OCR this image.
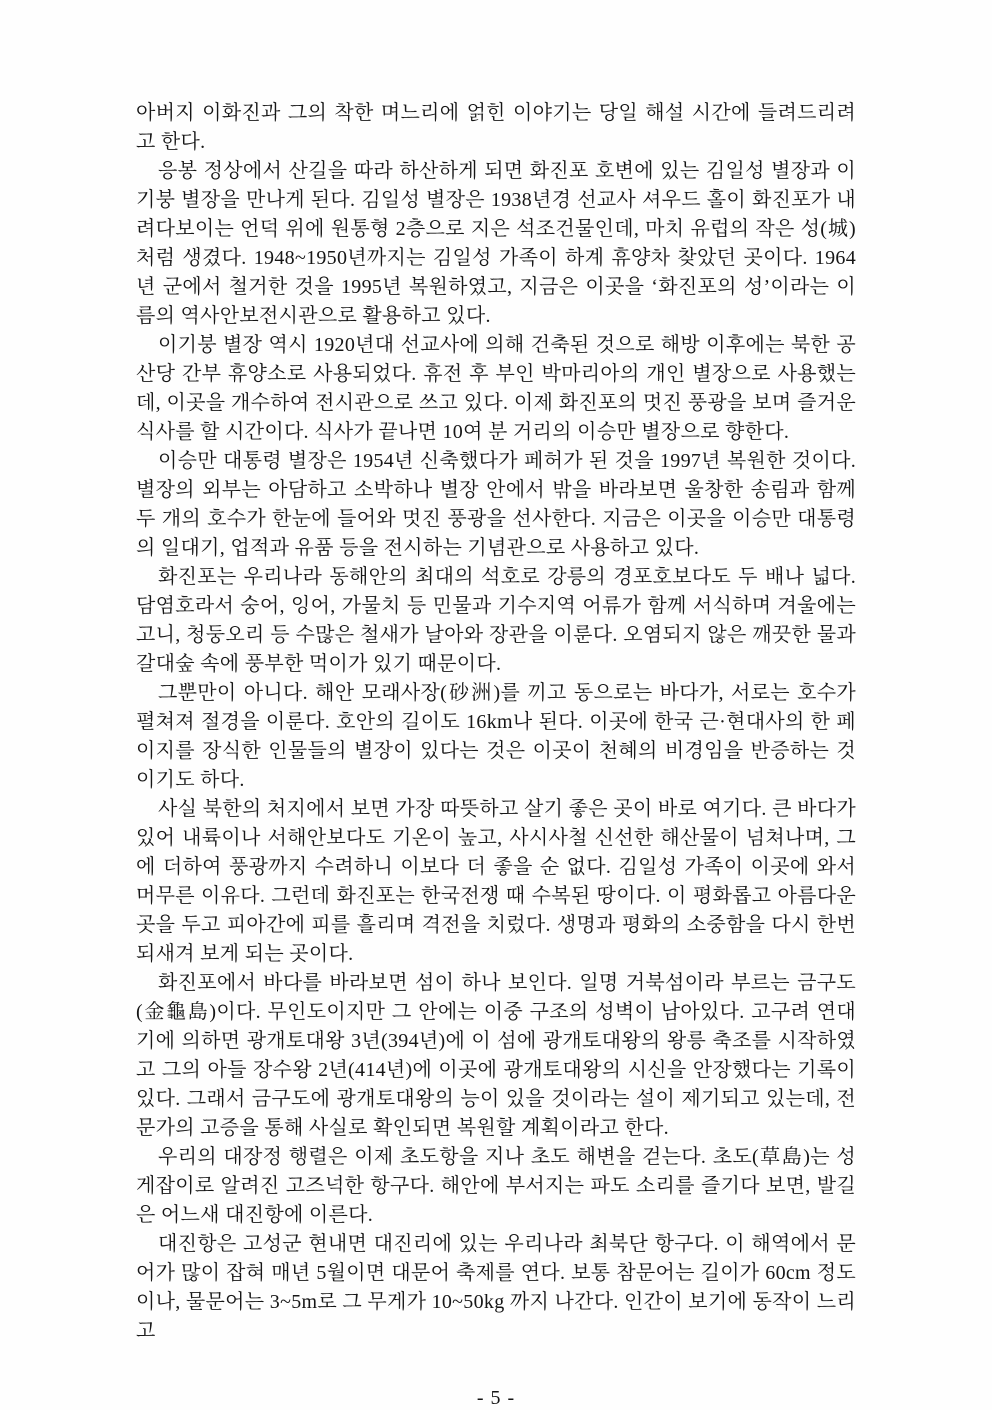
아버지 이화진과 그의 착한 며느리에 얽힌 이야기는 당일 해설 시간에 들려드리려고 한다.

응봉 정상에서 산길을 따라 하산하게 되면 화진포 호변에 있는 김일성 별장과 이기붕 별장을 만나게 된다. 김일성 별장은 1938년경 선교사 셔우드 홀이 화진포가 내려다보이는 언덕 위에 원통형 2층으로 지은 석조건물인데, 마치 유럽의 작은 성(城)처럼 생겼다. 1948~1950년까지는 김일성 가족이 하계 휴양차 찾았던 곳이다. 1964년 군에서 철거한 것을 1995년 복원하였고, 지금은 이곳을 ‘화진포의 성’이라는 이름의 역사안보전시관으로 활용하고 있다.

이기붕 별장 역시 1920년대 선교사에 의해 건축된 것으로 해방 이후에는 북한 공산당 간부 휴양소로 사용되었다. 휴전 후 부인 박마리아의 개인 별장으로 사용했는데, 이곳을 개수하여 전시관으로 쓰고 있다. 이제 화진포의 멋진 풍광을 보며 즐거운 식사를 할 시간이다. 식사가 끝나면 10여 분 거리의 이승만 별장으로 향한다.

이승만 대통령 별장은 1954년 신축했다가 페허가 된 것을 1997년 복원한 것이다. 별장의 외부는 아담하고 소박하나 별장 안에서 밖을 바라보면 울창한 송림과 함께 두 개의 호수가 한눈에 들어와 멋진 풍광을 선사한다. 지금은 이곳을 이승만 대통령의 일대기, 업적과 유품 등을 전시하는 기념관으로 사용하고 있다.

화진포는 우리나라 동해안의 최대의 석호로 강릉의 경포호보다도 두 배나 넓다. 담염호라서 숭어, 잉어, 가물치 등 민물과 기수지역 어류가 함께 서식하며 겨울에는 고니, 청둥오리 등 수많은 철새가 날아와 장관을 이룬다. 오염되지 않은 깨끗한 물과 갈대숲 속에 풍부한 먹이가 있기 때문이다.

그뿐만이 아니다. 해안 모래사장(砂洲)를 끼고 동으로는 바다가, 서로는 호수가 펼쳐져 절경을 이룬다. 호안의 길이도 16km나 된다. 이곳에 한국 근·현대사의 한 페이지를 장식한 인물들의 별장이 있다는 것은 이곳이 천혜의 비경임을 반증하는 것이기도 하다.

사실 북한의 처지에서 보면 가장 따뜻하고 살기 좋은 곳이 바로 여기다. 큰 바다가 있어 내륙이나 서해안보다도 기온이 높고, 사시사철 신선한 해산물이 넘쳐나며, 그에 더하여 풍광까지 수려하니 이보다 더 좋을 순 없다. 김일성 가족이 이곳에 와서 머무른 이유다. 그런데 화진포는 한국전쟁 때 수복된 땅이다. 이 평화롭고 아름다운 곳을 두고 피아간에 피를 흘리며 격전을 치렀다. 생명과 평화의 소중함을 다시 한번 되새겨 보게 되는 곳이다.

화진포에서 바다를 바라보면 섬이 하나 보인다. 일명 거북섬이라 부르는 금구도(金龜島)이다. 무인도이지만 그 안에는 이중 구조의 성벽이 남아있다. 고구려 연대기에 의하면 광개토대왕 3년(394년)에 이 섬에 광개토대왕의 왕릉 축조를 시작하였고 그의 아들 장수왕 2년(414년)에 이곳에 광개토대왕의 시신을 안장했다는 기록이 있다. 그래서 금구도에 광개토대왕의 능이 있을 것이라는 설이 제기되고 있는데, 전문가의 고증을 통해 사실로 확인되면 복원할 계획이라고 한다.

우리의 대장정 행렬은 이제 초도항을 지나 초도 해변을 걷는다. 초도(草島)는 성게잡이로 알려진 고즈넉한 항구다. 해안에 부서지는 파도 소리를 즐기다 보면, 발길은 어느새 대진항에 이른다.

대진항은 고성군 현내면 대진리에 있는 우리나라 최북단 항구다. 이 해역에서 문어가 많이 잡혀 매년 5월이면 대문어 축제를 연다. 보통 참문어는 길이가 60cm 정도이나, 물문어는 3~5m로 그 무게가 10~50kg 까지 나간다. 인간이 보기에 동작이 느리고

- 5 -
